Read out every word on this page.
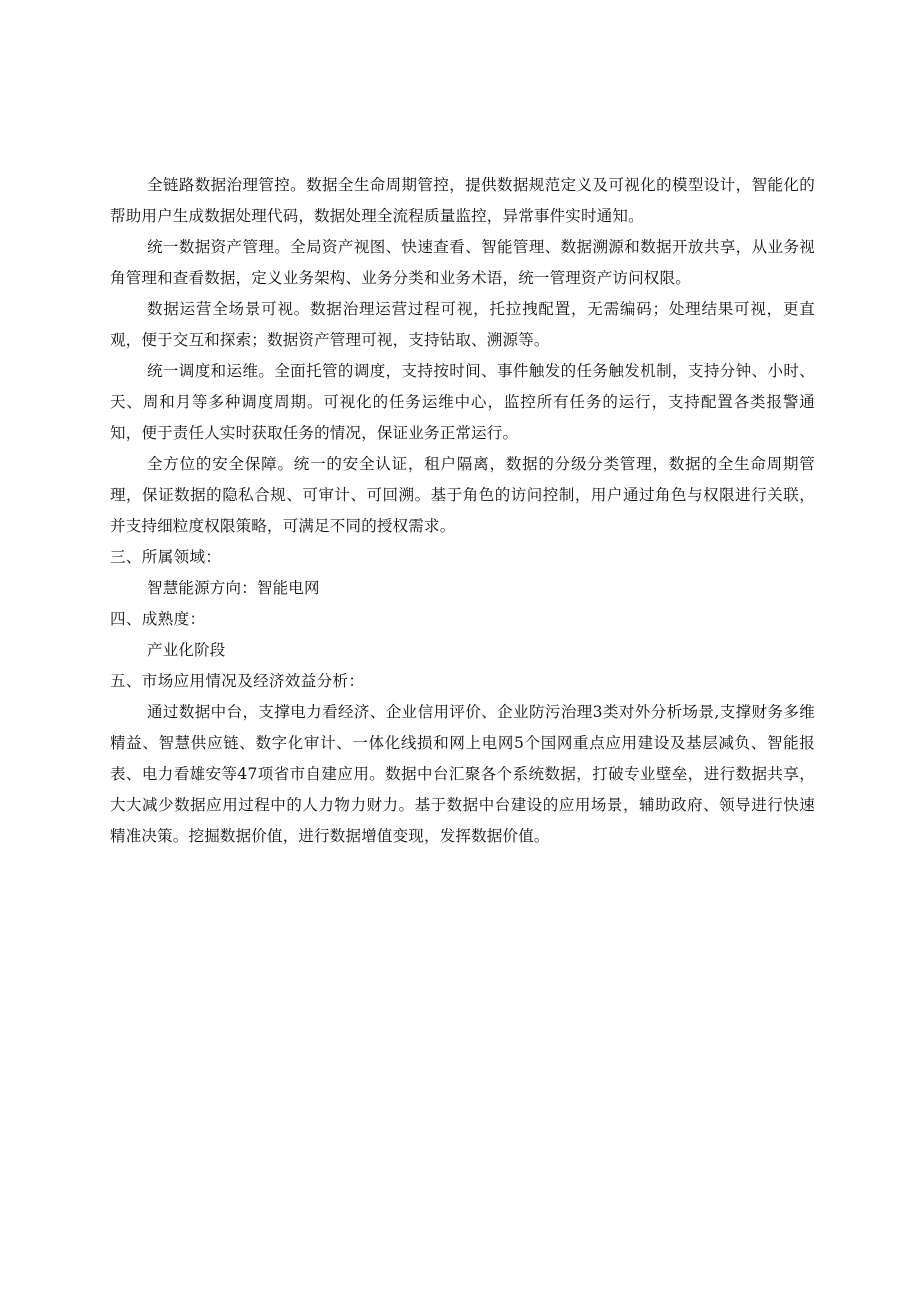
全链路数据治理管控。数据全生命周期管控，提供数据规范定义及可视化的模型设计，智能化的帮助用户生成数据处理代码，数据处理全流程质量监控，异常事件实时通知。

统一数据资产管理。全局资产视图、快速查看、智能管理、数据溯源和数据开放共享，从业务视角管理和查看数据，定义业务架构、业务分类和业务术语，统一管理资产访问权限。

数据运营全场景可视。数据治理运营过程可视，托拉拽配置，无需编码；处理结果可视，更直观，便于交互和探索；数据资产管理可视，支持钻取、溯源等。

统一调度和运维。全面托管的调度，支持按时间、事件触发的任务触发机制，支持分钟、小时、天、周和月等多种调度周期。可视化的任务运维中心，监控所有任务的运行，支持配置各类报警通知，便于责任人实时获取任务的情况，保证业务正常运行。

全方位的安全保障。统一的安全认证，租户隔离，数据的分级分类管理，数据的全生命周期管理，保证数据的隐私合规、可审计、可回溯。基于角色的访问控制，用户通过角色与权限进行关联，并支持细粒度权限策略，可满足不同的授权需求。

三、所属领域：

智慧能源方向：智能电网

四、成熟度：

产业化阶段

五、市场应用情况及经济效益分析：

通过数据中台，支撑电力看经济、企业信用评价、企业防污治理3类对外分析场景,支撑财务多维精益、智慧供应链、数字化审计、一体化线损和网上电网5个国网重点应用建设及基层减负、智能报表、电力看雄安等47项省市自建应用。数据中台汇聚各个系统数据，打破专业壁垒，进行数据共享，大大减少数据应用过程中的人力物力财力。基于数据中台建设的应用场景，辅助政府、领导进行快速精准决策。挖掘数据价值，进行数据增值变现，发挥数据价值。
